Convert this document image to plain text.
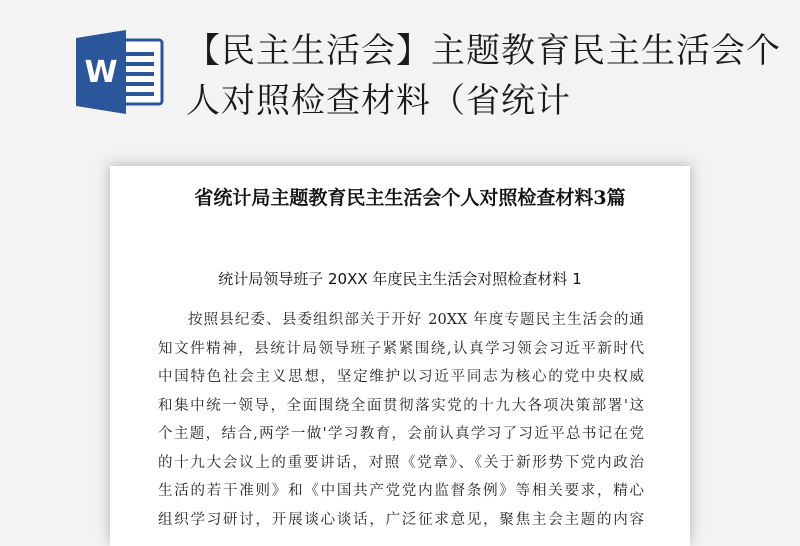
W
【民主生活会】主题教育民主生活会个人对照检查材料（省统计
省统计局主题教育民主生活会个人对照检查材料3篇
统计局领导班子 20XX 年度民主生活会对照检查材料 1
按照县纪委、县委组织部关于开好 20XX 年度专题民主生活会的通
知文件精神，县统计局领导班子紧紧围绕,认真学习领会习近平新时代
中国特色社会主义思想，坚定维护以习近平同志为核心的党中央权威
和集中统一领导，全面围绕全面贯彻落实党的十九大各项决策部署'这
个主题，结合,两学一做'学习教育，会前认真学习了习近平总书记在党
的十九大会议上的重要讲话，对照《党章》、《关于新形势下党内政治
生活的若干准则》和《中国共产党党内监督条例》等相关要求，精心
组织学习研讨，开展谈心谈话，广泛征求意见，聚焦主会主题的内容
